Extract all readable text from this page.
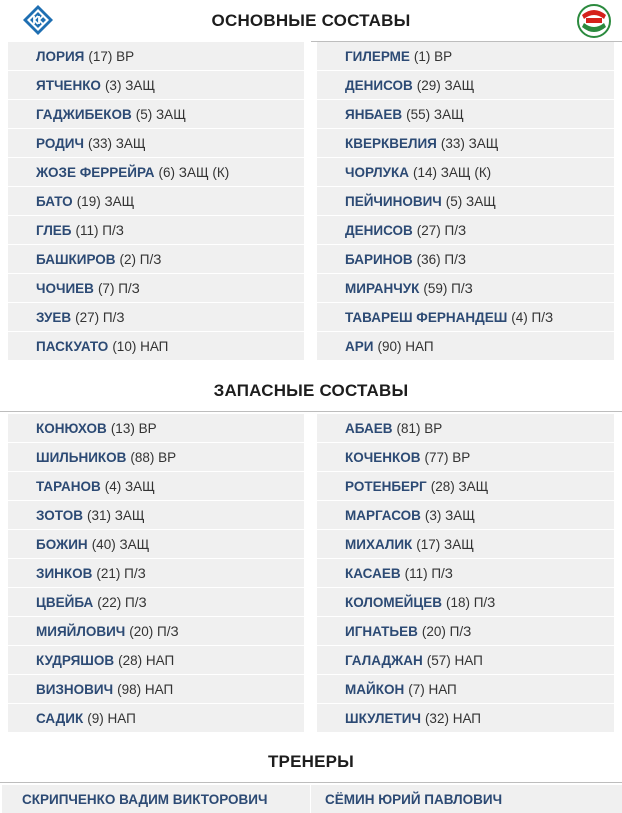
ОСНОВНЫЕ СОСТАВЫ
ЛОРИЯ (17) ВР
ЯТЧЕНКО (3) ЗАЩ
ГАДЖИБЕКОВ (5) ЗАЩ
РОДИЧ (33) ЗАЩ
ЖОЗЕ ФЕРРЕЙРА (6) ЗАЩ (К)
БАТО (19) ЗАЩ
ГЛЕБ (11) П/З
БАШКИРОВ (2) П/З
ЧОЧИЕВ (7) П/З
ЗУЕВ (27) П/З
ПАСКУАТО (10) НАП
ГИЛЕРМЕ (1) ВР
ДЕНИСОВ (29) ЗАЩ
ЯНБАЕВ (55) ЗАЩ
КВЕРКВЕЛИЯ (33) ЗАЩ
ЧОРЛУКА (14) ЗАЩ (К)
ПЕЙЧИНОВИЧ (5) ЗАЩ
ДЕНИСОВ (27) П/З
БАРИНОВ (36) П/З
МИРАНЧУК (59) П/З
ТАВАРЕШ ФЕРНАНДЕШ (4) П/З
АРИ (90) НАП
ЗАПАСНЫЕ СОСТАВЫ
КОНЮХОВ (13) ВР
ШИЛЬНИКОВ (88) ВР
ТАРАНОВ (4) ЗАЩ
ЗОТОВ (31) ЗАЩ
БОЖИН (40) ЗАЩ
ЗИНКОВ (21) П/З
ЦВЕЙБА (22) П/З
МИЯЙЛОВИЧ (20) П/З
КУДРЯШОВ (28) НАП
ВИЗНОВИЧ (98) НАП
САДИК (9) НАП
АБАЕВ (81) ВР
КОЧЕНКОВ (77) ВР
РОТЕНБЕРГ (28) ЗАЩ
МАРГАСОВ (3) ЗАЩ
МИХАЛИК (17) ЗАЩ
КАСАЕВ (11) П/З
КОЛОМЕЙЦЕВ (18) П/З
ИГНАТЬЕВ (20) П/З
ГАЛАДЖАН (57) НАП
МАЙКОН (7) НАП
ШКУЛЕТИЧ (32) НАП
ТРЕНЕРЫ
СКРИПЧЕНКО ВАДИМ ВИКТОРОВИЧ	СЁМИН ЮРИЙ ПАВЛОВИЧ
